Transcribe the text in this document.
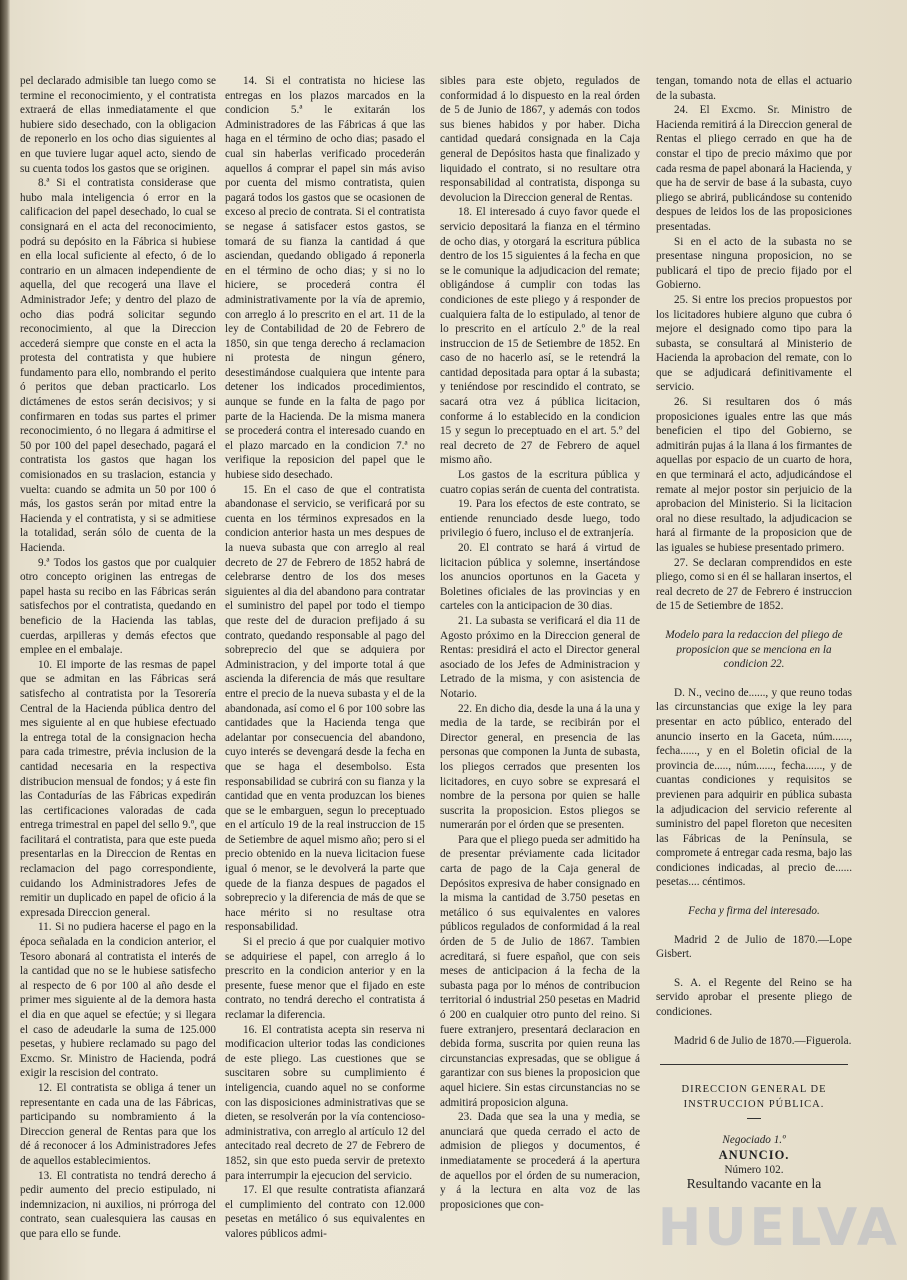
pel declarado admisible tan luego como se termine el reconocimiento, y el contratista extraerá de ellas inmediatamente el que hubiere sido desechado, con la obligacion de reponerlo en los ocho dias siguientes al en que tuviere lugar aquel acto, siendo de su cuenta todos los gastos que se originen.

8.ª Si el contratista considerase que hubo mala inteligencia ó error en la calificacion del papel desechado, lo cual se consignará en el acta del reconocimiento, podrá su depósito en la Fábrica si hubiese en ella local suficiente al efecto, ó de lo contrario en un almacen independiente de aquella, del que recogerá una llave el Administrador Jefe; y dentro del plazo de ocho dias podrá solicitar segundo reconocimiento, al que la Direccion accederá siempre que conste en el acta la protesta del contratista y que hubiere fundamento para ello, nombrando el perito ó peritos que deban practicarlo. Los dictámenes de estos serán decisivos; y si confirmaren en todas sus partes el primer reconocimiento, ó no llegara á admitirse el 50 por 100 del papel desechado, pagará el contratista los gastos que hagan los comisionados en su traslacion, estancia y vuelta: cuando se admita un 50 por 100 ó más, los gastos serán por mitad entre la Hacienda y el contratista, y si se admitiese la totalidad, serán sólo de cuenta de la Hacienda.

9.ª Todos los gastos que por cualquier otro concepto originen las entregas de papel hasta su recibo en las Fábricas serán satisfechos por el contratista, quedando en beneficio de la Hacienda las tablas, cuerdas, arpilleras y demás efectos que emplee en el embalaje.

10. El importe de las resmas de papel que se admitan en las Fábricas será satisfecho al contratista por la Tesorería Central de la Hacienda pública dentro del mes siguiente al en que hubiese efectuado la entrega total de la consignacion hecha para cada trimestre, prévia inclusion de la cantidad necesaria en la respectiva distribucion mensual de fondos; y á este fin las Contadurías de las Fábricas expedirán las certificaciones valoradas de cada entrega trimestral en papel del sello 9.º, que facilitará el contratista, para que este pueda presentarlas en la Direccion de Rentas en reclamacion del pago correspondiente, cuidando los Administradores Jefes de remitir un duplicado en papel de oficio á la expresada Direccion general.

11. Si no pudiera hacerse el pago en la época señalada en la condicion anterior, el Tesoro abonará al contratista el interés de la cantidad que no se le hubiese satisfecho al respecto de 6 por 100 al año desde el primer mes siguiente al de la demora hasta el dia en que aquel se efectúe; y si llegara el caso de adeudarle la suma de 125.000 pesetas, y hubiere reclamado su pago del Excmo. Sr. Ministro de Hacienda, podrá exigir la rescision del contrato.

12. El contratista se obliga á tener un representante en cada una de las Fábricas, participando su nombramiento á la Direccion general de Rentas para que los dé á reconocer á los Administradores Jefes de aquellos establecimientos.

13. El contratista no tendrá derecho á pedir aumento del precio estipulado, ni indemnizacion, ni auxilios, ni prórroga del contrato, sean cualesquiera las causas en que para ello se funde.

14. Si el contratista no hiciese las entregas en los plazos marcados en la condicion 5.ª le exitarán los Administradores de las Fábricas á que las haga en el término de ocho dias; pasado el cual sin haberlas verificado procederán aquellos á comprar el papel sin más aviso por cuenta del mismo contratista, quien pagará todos los gastos que se ocasionen de exceso al precio de contrata. Si el contratista se negase á satisfacer estos gastos, se tomará de su fianza la cantidad á que asciendan, quedando obligado á reponerla en el término de ocho dias; y si no lo hiciere, se procederá contra él administrativamente por la vía de apremio, con arreglo á lo prescrito en el art. 11 de la ley de Contabilidad de 20 de Febrero de 1850, sin que tenga derecho á reclamacion ni protesta de ningun género, desestimándose cualquiera que intente para detener los indicados procedimientos, aunque se funde en la falta de pago por parte de la Hacienda. De la misma manera se procederá contra el interesado cuando en el plazo marcado en la condicion 7.ª no verifique la reposicion del papel que le hubiese sido desechado.

15. En el caso de que el contratista abandonase el servicio, se verificará por su cuenta en los términos expresados en la condicion anterior hasta un mes despues de la nueva subasta que con arreglo al real decreto de 27 de Febrero de 1852 habrá de celebrarse dentro de los dos meses siguientes al dia del abandono para contratar el suministro del papel por todo el tiempo que reste del de duracion prefijado á su contrato, quedando responsable al pago del sobreprecio del que se adquiera por Administracion, y del importe total á que ascienda la diferencia de más que resultare entre el precio de la nueva subasta y el de la abandonada, así como el 6 por 100 sobre las cantidades que la Hacienda tenga que adelantar por consecuencia del abandono, cuyo interés se devengará desde la fecha en que se haga el desembolso. Esta responsabilidad se cubrirá con su fianza y la cantidad que en venta produzcan los bienes que se le embarguen, segun lo preceptuado en el artículo 19 de la real instruccion de 15 de Setiembre de aquel mismo año; pero si el precio obtenido en la nueva licitacion fuese igual ó menor, se le devolverá la parte que quede de la fianza despues de pagados el sobreprecio y la diferencia de más de que se hace mérito si no resultase otra responsabilidad.

Si el precio á que por cualquier motivo se adquiriese el papel, con arreglo á lo prescrito en la condicion anterior y en la presente, fuese menor que el fijado en este contrato, no tendrá derecho el contratista á reclamar la diferencia.

16. El contratista acepta sin reserva ni modificacion ulterior todas las condiciones de este pliego. Las cuestiones que se suscitaren sobre su cumplimiento é inteligencia, cuando aquel no se conforme con las disposiciones administrativas que se dieten, se resolverán por la vía contencioso-administrativa, con arreglo al artículo 12 del antecitado real decreto de 27 de Febrero de 1852, sin que esto pueda servir de pretexto para interrumpir la ejecucion del servicio.

17. El que resulte contratista afianzará el cumplimiento del contrato con 12.000 pesetas en metálico ó sus equivalentes en valores públicos admi-

sibles para este objeto, regulados de conformidad á lo dispuesto en la real órden de 5 de Junio de 1867, y además con todos sus bienes habidos y por haber. Dicha cantidad quedará consignada en la Caja general de Depósitos hasta que finalizado y liquidado el contrato, si no resultare otra responsabilidad al contratista, disponga su devolucion la Direccion general de Rentas.

18. El interesado á cuyo favor quede el servicio depositará la fianza en el término de ocho dias, y otorgará la escritura pública dentro de los 15 siguientes á la fecha en que se le comunique la adjudicacion del remate; obligándose á cumplir con todas las condiciones de este pliego y á responder de cualquiera falta de lo estipulado, al tenor de lo prescrito en el artículo 2.º de la real instruccion de 15 de Setiembre de 1852. En caso de no hacerlo así, se le retendrá la cantidad depositada para optar á la subasta; y teniéndose por rescindido el contrato, se sacará otra vez á pública licitacion, conforme á lo establecido en la condicion 15 y segun lo preceptuado en el art. 5.º del real decreto de 27 de Febrero de aquel mismo año.

Los gastos de la escritura pública y cuatro copias serán de cuenta del contratista.

19. Para los efectos de este contrato, se entiende renunciado desde luego, todo privilegio ó fuero, incluso el de extranjería.

20. El contrato se hará á virtud de licitacion pública y solemne, insertándose los anuncios oportunos en la Gaceta y Boletines oficiales de las provincias y en carteles con la anticipacion de 30 dias.

21. La subasta se verificará el dia 11 de Agosto próximo en la Direccion general de Rentas: presidirá el acto el Director general asociado de los Jefes de Administracion y Letrado de la misma, y con asistencia de Notario.

22. En dicho dia, desde la una á la una y media de la tarde, se recibirán por el Director general, en presencia de las personas que componen la Junta de subasta, los pliegos cerrados que presenten los licitadores, en cuyo sobre se expresará el nombre de la persona por quien se halle suscrita la proposicion. Estos pliegos se numerarán por el órden que se presenten.

Para que el pliego pueda ser admitido ha de presentar préviamente cada licitador carta de pago de la Caja general de Depósitos expresiva de haber consignado en la misma la cantidad de 3.750 pesetas en metálico ó sus equivalentes en valores públicos regulados de conformidad á la real órden de 5 de Julio de 1867. Tambien acreditará, si fuere español, que con seis meses de anticipacion á la fecha de la subasta paga por lo ménos de contribucion territorial ó industrial 250 pesetas en Madrid ó 200 en cualquier otro punto del reino. Si fuere extranjero, presentará declaracion en debida forma, suscrita por quien reuna las circunstancias expresadas, que se obligue á garantizar con sus bienes la proposicion que aquel hiciere. Sin estas circunstancias no se admitirá proposicion alguna.

23. Dada que sea la una y media, se anunciará que queda cerrado el acto de admision de pliegos y documentos, é inmediatamente se procederá á la apertura de aquellos por el órden de su numeracion, y á la lectura en alta voz de las proposiciones que con-

tengan, tomando nota de ellas el actuario de la subasta.

24. El Excmo. Sr. Ministro de Hacienda remitirá á la Direccion general de Rentas el pliego cerrado en que ha de constar el tipo de precio máximo que por cada resma de papel abonará la Hacienda, y que ha de servir de base á la subasta, cuyo pliego se abrirá, publicándose su contenido despues de leidos los de las proposiciones presentadas.

Si en el acto de la subasta no se presentase ninguna proposicion, no se publicará el tipo de precio fijado por el Gobierno.

25. Si entre los precios propuestos por los licitadores hubiere alguno que cubra ó mejore el designado como tipo para la subasta, se consultará al Ministerio de Hacienda la aprobacion del remate, con lo que se adjudicará definitivamente el servicio.

26. Si resultaren dos ó más proposiciones iguales entre las que más beneficien el tipo del Gobierno, se admitirán pujas á la llana á los firmantes de aquellas por espacio de un cuarto de hora, en que terminará el acto, adjudicándose el remate al mejor postor sin perjuicio de la aprobacion del Ministerio. Si la licitacion oral no diese resultado, la adjudicacion se hará al firmante de la proposicion que de las iguales se hubiese presentado primero.

27. Se declaran comprendidos en este pliego, como si en él se hallaran insertos, el real decreto de 27 de Febrero é instruccion de 15 de Setiembre de 1852.

Modelo para la redaccion del pliego de proposicion que se menciona en la condicion 22.

D. N., vecino de......, y que reuno todas las circunstancias que exige la ley para presentar en acto público, enterado del anuncio inserto en la Gaceta, núm......, fecha......, y en el Boletin oficial de la provincia de....., núm......, fecha......, y de cuantas condiciones y requisitos se previenen para adquirir en pública subasta la adjudicacion del servicio referente al suministro del papel floreton que necesiten las Fábricas de la Península, se compromete á entregar cada resma, bajo las condiciones indicadas, al precio de...... pesetas.... céntimos.

Fecha y firma del interesado.

Madrid 2 de Julio de 1870.—Lope Gisbert.

S. A. el Regente del Reino se ha servido aprobar el presente pliego de condiciones.

Madrid 6 de Julio de 1870.—Figuerola.

DIRECCION GENERAL DE INSTRUCCION PÚBLICA.

Negociado 1.º

ANUNCIO.

Número 102.

Resultando vacante en la

HUELVA
